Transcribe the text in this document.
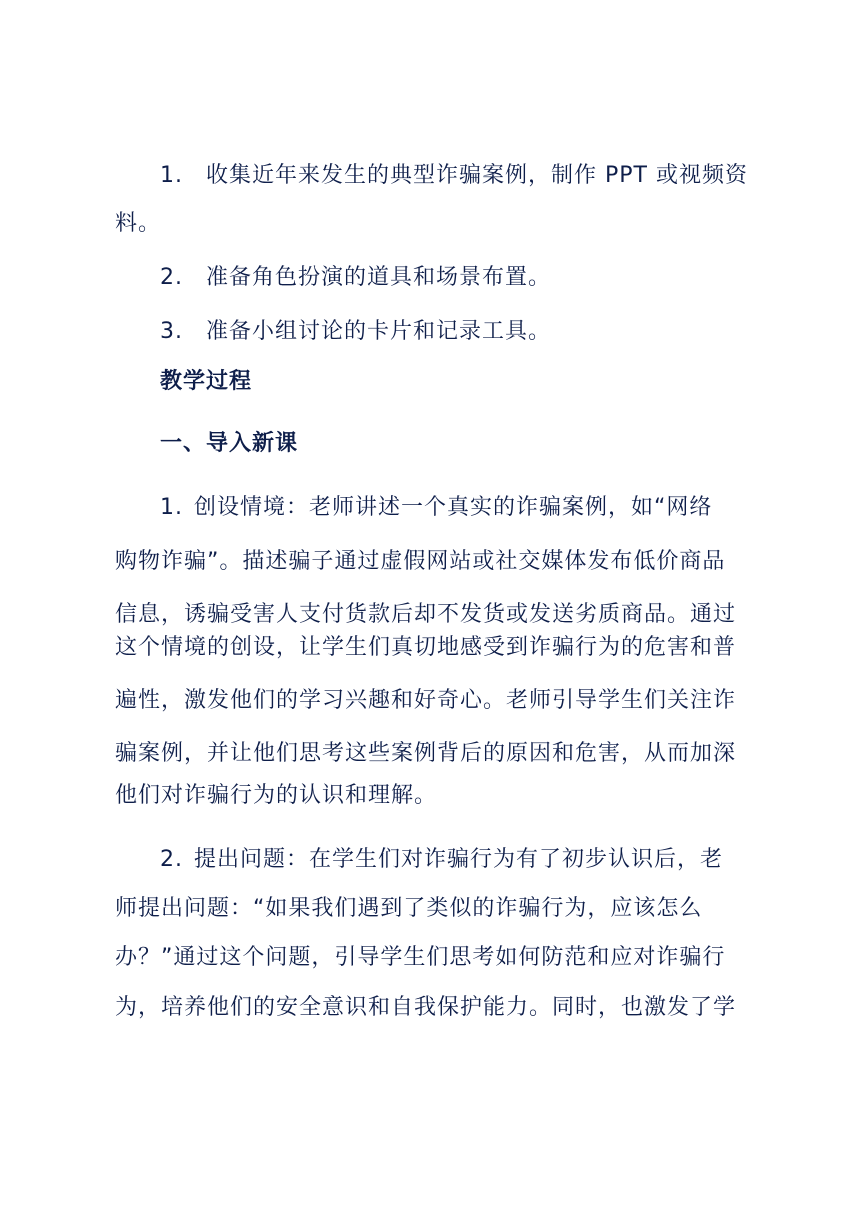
1. 收集近年来发生的典型诈骗案例，制作 PPT 或视频资
料。
2. 准备角色扮演的道具和场景布置。
3. 准备小组讨论的卡片和记录工具。
教学过程
一、导入新课
1. 创设情境：老师讲述一个真实的诈骗案例，如“网络
购物诈骗”。描述骗子通过虚假网站或社交媒体发布低价商品
信息，诱骗受害人支付货款后却不发货或发送劣质商品。通过
这个情境的创设，让学生们真切地感受到诈骗行为的危害和普
遍性，激发他们的学习兴趣和好奇心。老师引导学生们关注诈
骗案例，并让他们思考这些案例背后的原因和危害，从而加深
他们对诈骗行为的认识和理解。
2. 提出问题：在学生们对诈骗行为有了初步认识后，老
师提出问题：“如果我们遇到了类似的诈骗行为，应该怎么
办？”通过这个问题，引导学生们思考如何防范和应对诈骗行
为，培养他们的安全意识和自我保护能力。同时，也激发了学
